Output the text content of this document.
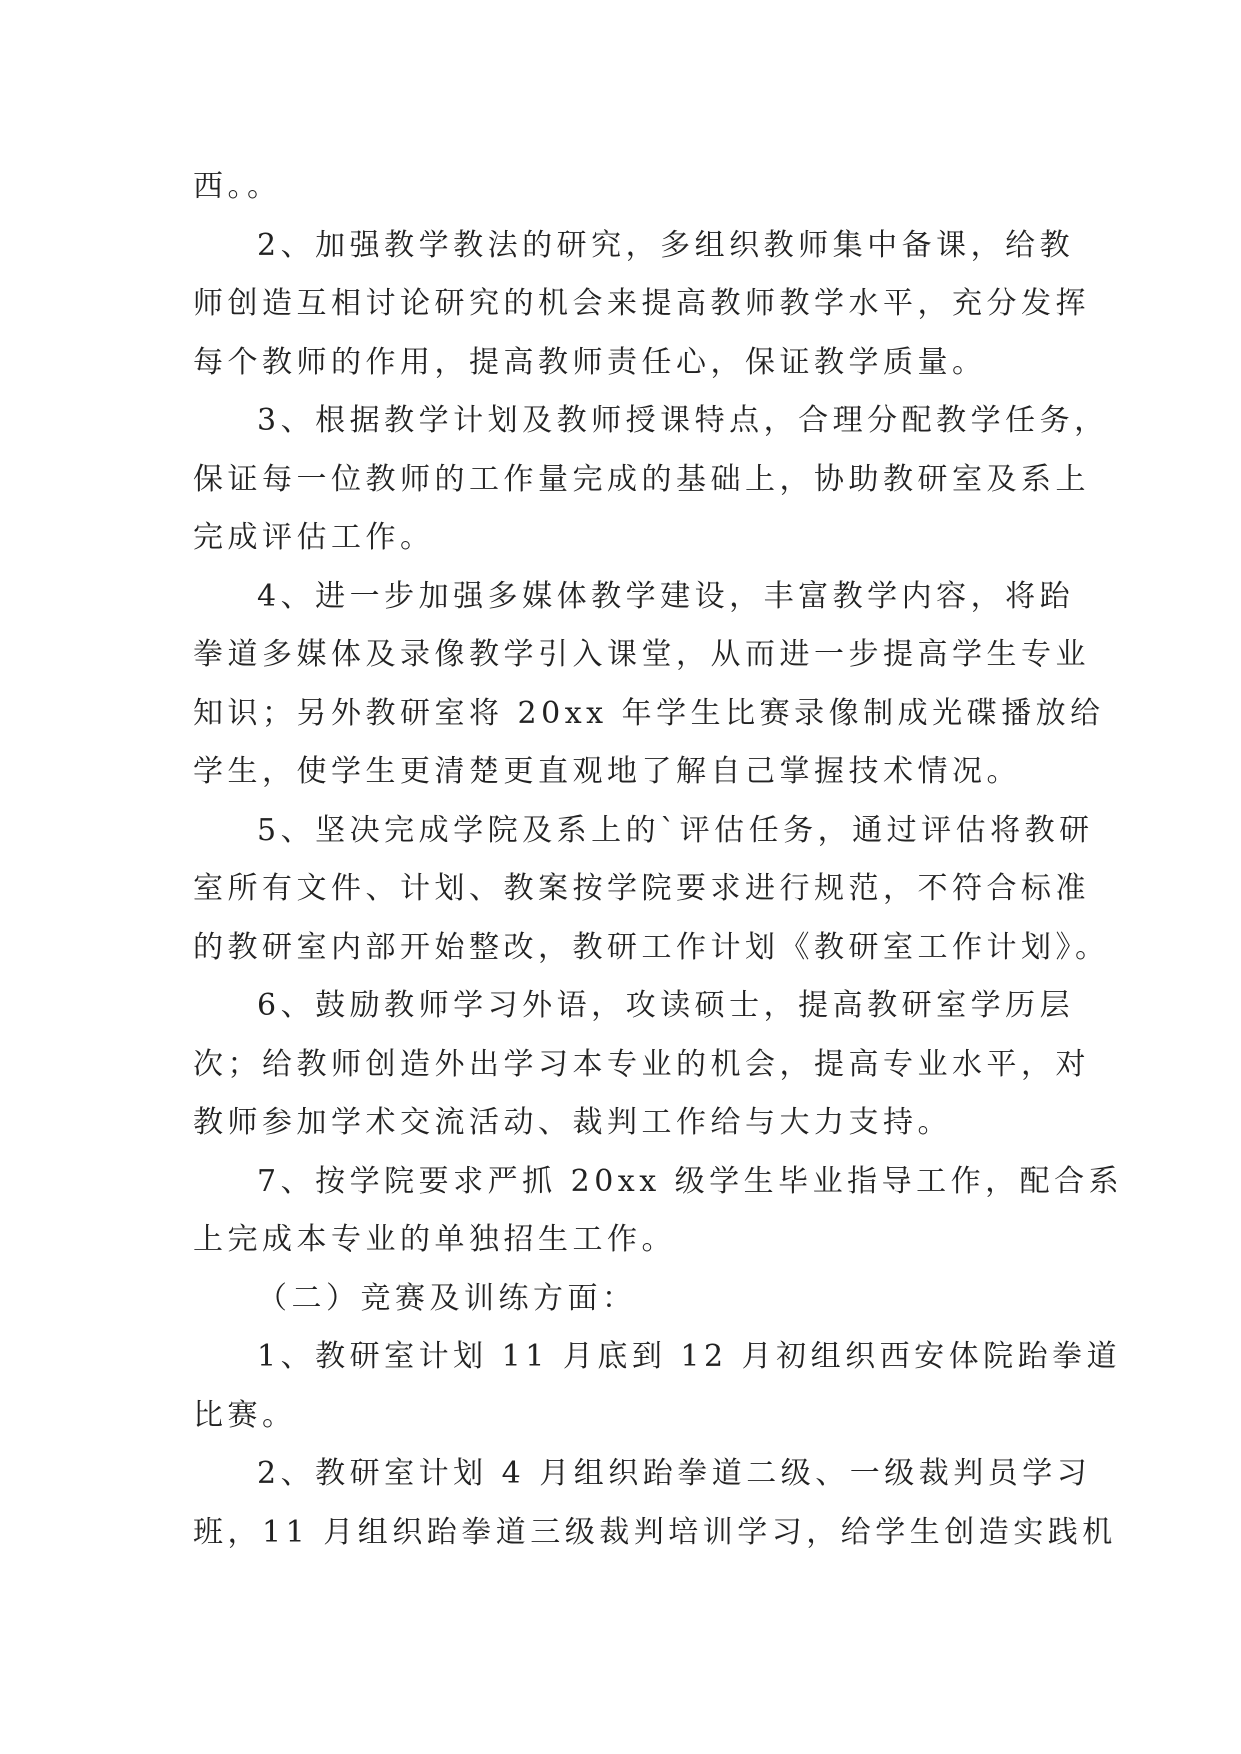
西。。
2、加强教学教法的研究，多组织教师集中备课，给教
师创造互相讨论研究的机会来提高教师教学水平，充分发挥
每个教师的作用，提高教师责任心，保证教学质量。
3、根据教学计划及教师授课特点，合理分配教学任务，
保证每一位教师的工作量完成的基础上，协助教研室及系上
完成评估工作。
4、进一步加强多媒体教学建设，丰富教学内容，将跆
拳道多媒体及录像教学引入课堂，从而进一步提高学生专业
知识；另外教研室将 20xx 年学生比赛录像制成光碟播放给
学生，使学生更清楚更直观地了解自己掌握技术情况。
5、坚决完成学院及系上的`评估任务，通过评估将教研
室所有文件、计划、教案按学院要求进行规范，不符合标准
的教研室内部开始整改，教研工作计划《教研室工作计划》。
6、鼓励教师学习外语，攻读硕士，提高教研室学历层
次；给教师创造外出学习本专业的机会，提高专业水平，对
教师参加学术交流活动、裁判工作给与大力支持。
7、按学院要求严抓 20xx 级学生毕业指导工作，配合系
上完成本专业的单独招生工作。
（二）竞赛及训练方面：
1、教研室计划 11 月底到 12 月初组织西安体院跆拳道
比赛。
2、教研室计划 4 月组织跆拳道二级、一级裁判员学习
班，11 月组织跆拳道三级裁判培训学习，给学生创造实践机
